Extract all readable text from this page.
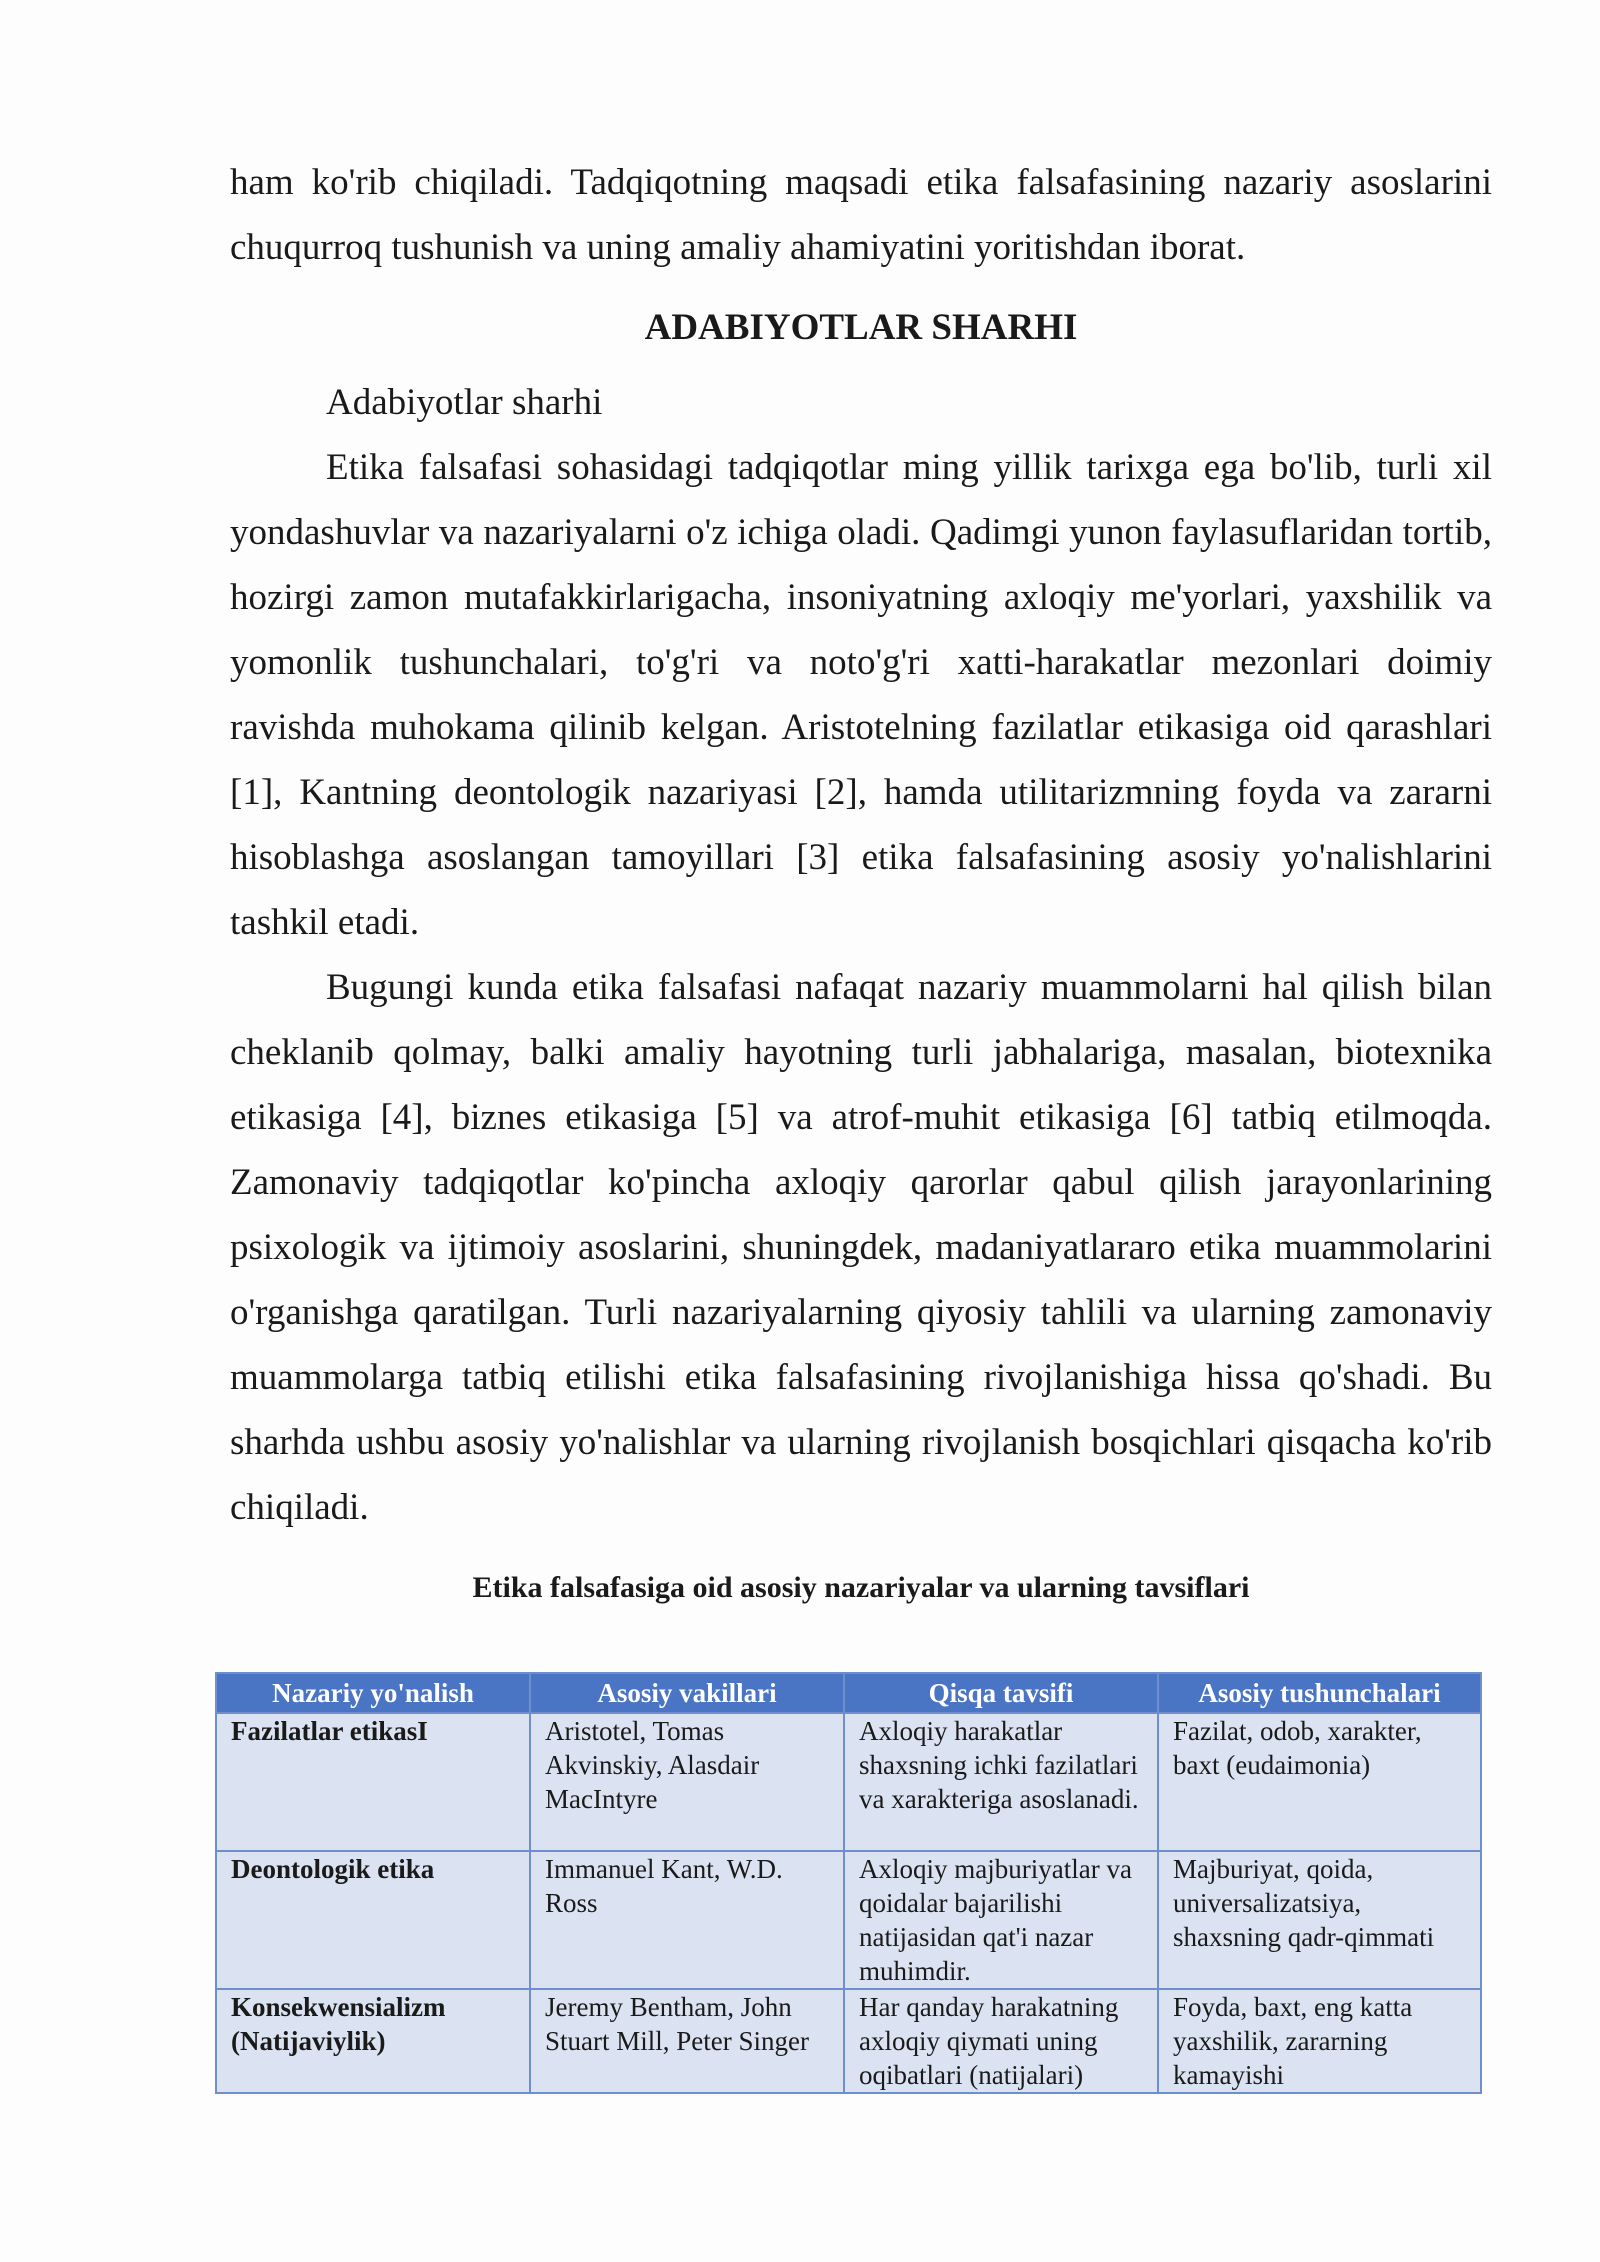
ham ko'rib chiqiladi. Tadqiqotning maqsadi etika falsafasining nazariy asoslarini chuqurroq tushunish va uning amaliy ahamiyatini yoritishdan iborat.

ADABIYOTLAR SHARHI

Adabiyotlar sharhi

Etika falsafasi sohasidagi tadqiqotlar ming yillik tarixga ega bo'lib, turli xil yondashuvlar va nazariyalarni o'z ichiga oladi. Qadimgi yunon faylasuflaridan tortib, hozirgi zamon mutafakkirlarigacha, insoniyatning axloqiy me'yorlari, yaxshilik va yomonlik tushunchalari, to'g'ri va noto'g'ri xatti-harakatlar mezonlari doimiy ravishda muhokama qilinib kelgan. Aristotelning fazilatlar etikasiga oid qarashlari [1], Kantning deontologik nazariyasi [2], hamda utilitarizmning foyda va zararni hisoblashga asoslangan tamoyillari [3] etika falsafasining asosiy yo'nalishlarini tashkil etadi.

Bugungi kunda etika falsafasi nafaqat nazariy muammolarni hal qilish bilan cheklanib qolmay, balki amaliy hayotning turli jabhalariga, masalan, biotexnika etikasiga [4], biznes etikasiga [5] va atrof-muhit etikasiga [6] tatbiq etilmoqda. Zamonaviy tadqiqotlar ko'pincha axloqiy qarorlar qabul qilish jarayonlarining psixologik va ijtimoiy asoslarini, shuningdek, madaniyatlararo etika muammolarini o'rganishga qaratilgan. Turli nazariyalarning qiyosiy tahlili va ularning zamonaviy muammolarga tatbiq etilishi etika falsafasining rivojlanishiga hissa qo'shadi. Bu sharhda ushbu asosiy yo'nalishlar va ularning rivojlanish bosqichlari qisqacha ko'rib chiqiladi.

Etika falsafasiga oid asosiy nazariyalar va ularning tavsiflari
Nazariy yo'nalish	Asosiy vakillari	Qisqa tavsifi	Asosiy tushunchalari
Fazilatlar etikasI	Aristotel, Tomas Akvinskiy, Alasdair MacIntyre	Axloqiy harakatlar shaxsning ichki fazilatlari va xarakteriga asoslanadi.	Fazilat, odob, xarakter, baxt (eudaimonia)
Deontologik etika	Immanuel Kant, W.D. Ross	Axloqiy majburiyatlar va qoidalar bajarilishi natijasidan qat'i nazar muhimdir.	Majburiyat, qoida, universalizatsiya, shaxsning qadr-qimmati
Konsekwensializm (Natijaviylik)	Jeremy Bentham, John Stuart Mill, Peter Singer	Har qanday harakatning axloqiy qiymati uning oqibatlari (natijalari)	Foyda, baxt, eng katta yaxshilik, zararning kamayishi
